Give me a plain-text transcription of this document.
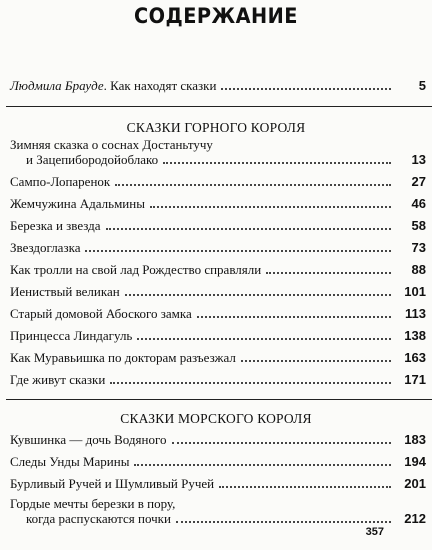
СОДЕРЖАНИЕ
Людмила Брауде. Как находят сказки	5
СКАЗКИ ГОРНОГО КОРОЛЯ
Зимняя сказка о соснах Достаньтучу
и Зацепибородойоблако	13
Сампо-Лопаренок	27
Жемчужина Адальмины	46
Березка и звезда	58
Звездоглазка	73
Как тролли на свой лад Рождество справляли	88
Иениствый великан	101
Старый домовой Абоского замка	113
Принцесса Линдагуль	138
Как Муравьишка по докторам разъезжал	163
Где живут сказки	171
СКАЗКИ МОРСКОГО КОРОЛЯ
Кувшинка — дочь Водяного	183
Следы Унды Марины	194
Бурливый Ручей и Шумливый Ручей	201
Гордые мечты березки в пору,
когда распускаются почки	212
357
